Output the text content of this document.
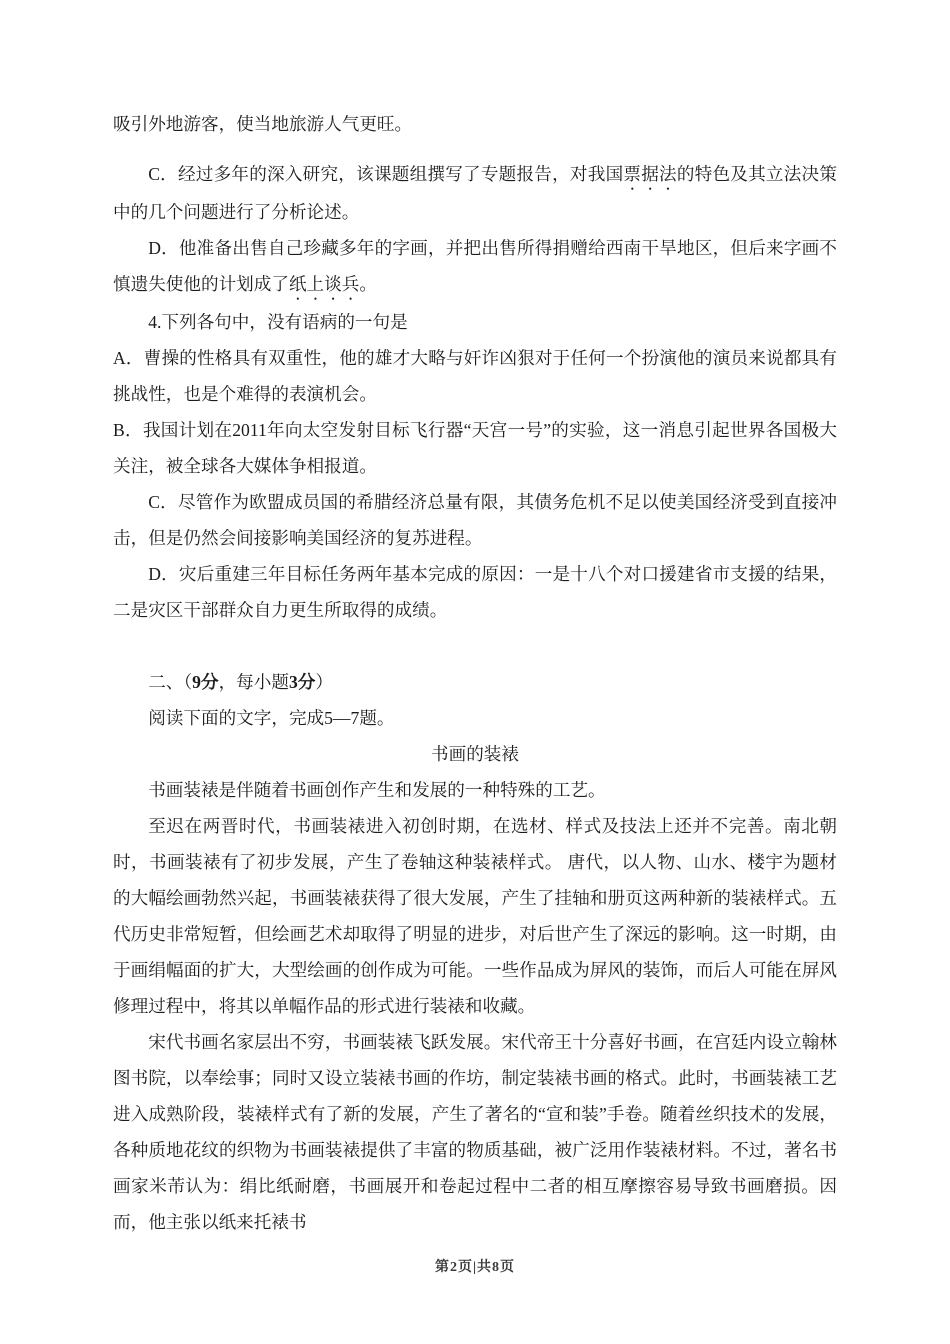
吸引外地游客，使当地旅游人气更旺。

C．经过多年的深入研究，该课题组撰写了专题报告，对我国票据法的特色及其立法决策中的几个问题进行了分析论述。

D．他准备出售自己珍藏多年的字画，并把出售所得捐赠给西南干旱地区，但后来字画不慎遗失使他的计划成了纸上谈兵。

4.下列各句中，没有语病的一句是

A．曹操的性格具有双重性，他的雄才大略与奸诈凶狠对于任何一个扮演他的演员来说都具有挑战性，也是个难得的表演机会。

B．我国计划在2011年向太空发射目标飞行器“天宫一号”的实验，这一消息引起世界各国极大关注，被全球各大媒体争相报道。

C．尽管作为欧盟成员国的希腊经济总量有限，其债务危机不足以使美国经济受到直接冲击，但是仍然会间接影响美国经济的复苏进程。

D．灾后重建三年目标任务两年基本完成的原因：一是十八个对口援建省市支援的结果，二是灾区干部群众自力更生所取得的成绩。

二、（9分，每小题3分）

阅读下面的文字，完成5—7题。

书画的装裱

书画装裱是伴随着书画创作产生和发展的一种特殊的工艺。

至迟在两晋时代，书画装裱进入初创时期，在选材、样式及技法上还并不完善。南北朝时，书画装裱有了初步发展，产生了卷轴这种装裱样式。 唐代，以人物、山水、楼宇为题材的大幅绘画勃然兴起，书画装裱获得了很大发展，产生了挂轴和册页这两种新的装裱样式。五代历史非常短暂，但绘画艺术却取得了明显的进步，对后世产生了深远的影响。这一时期，由于画绢幅面的扩大，大型绘画的创作成为可能。一些作品成为屏风的装饰，而后人可能在屏风修理过程中，将其以单幅作品的形式进行装裱和收藏。

宋代书画名家层出不穷，书画装裱飞跃发展。宋代帝王十分喜好书画，在宫廷内设立翰林图书院，以奉绘事；同时又设立装裱书画的作坊，制定装裱书画的格式。此时，书画装裱工艺进入成熟阶段，装裱样式有了新的发展，产生了著名的“宣和装”手卷。随着丝织技术的发展，各种质地花纹的织物为书画装裱提供了丰富的物质基础，被广泛用作装裱材料。不过，著名书画家米芾认为：绢比纸耐磨，书画展开和卷起过程中二者的相互摩擦容易导致书画磨损。因而，他主张以纸来托裱书

第2页|共8页
